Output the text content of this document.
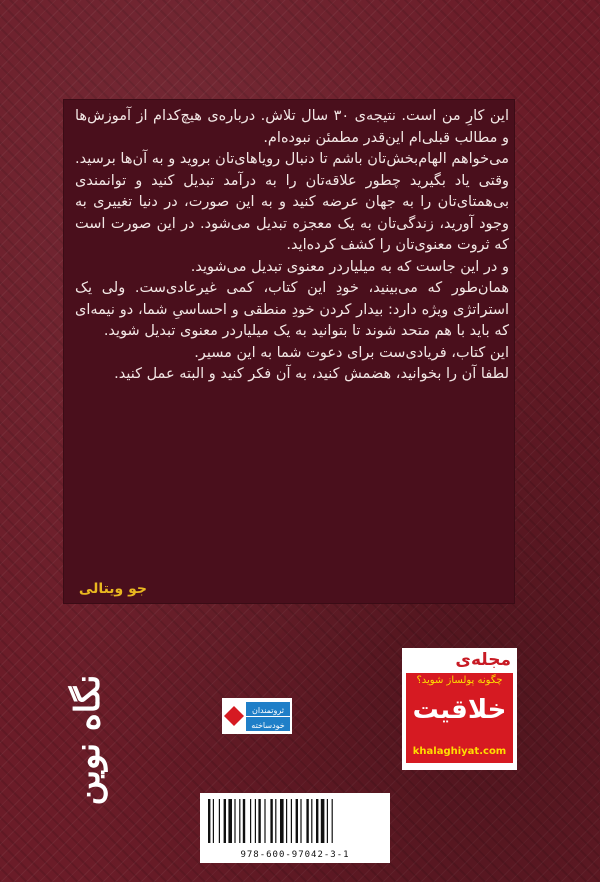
این کارِ من است. نتیجه‌ی ۳۰ سال تلاش. درباره‌ی هیچ‌کدام از آموزش‌ها و مطالب قبلی‌ام این‌قدر مطمئن نبوده‌ام.

می‌خواهم الهام‌بخش‌تان باشم تا دنبال رویاهای‌تان بروید و به آن‌ها برسید. وقتی یاد بگیرید چطور علاقه‌تان را به درآمد تبدیل کنید و توانمندی بی‌همتای‌تان را به جهان عرضه کنید و به این صورت، در دنیا تغییری به وجود آورید، زندگی‌تان به یک معجزه تبدیل می‌شود. در این صورت است که ثروت معنوی‌تان را کشف کرده‌اید.

و در این جاست که به میلیاردر معنوی تبدیل می‌شوید.

همان‌طور که می‌بینید، خودِ این کتاب، کمی غیرعادی‌ست. ولی یک استراتژی ویژه دارد: بیدار کردن خودِ منطقی و احساسیِ شما، دو نیمه‌ای که باید با هم متحد شوند تا بتوانید به یک میلیاردر معنوی تبدیل شوید.

این کتاب، فریادی‌ست برای دعوت شما به این مسیر.

لطفا آن را بخوانید، هضمش کنید، به آن فکر کنید و البته عمل کنید.

جو ویتالی
نگاه نوین	ثروتمندان
خودساخته
مجله‌ی
چگونه پولساز شوید؟
خلاقیت
khalaghiyat.com
978-600-97042-3-1
